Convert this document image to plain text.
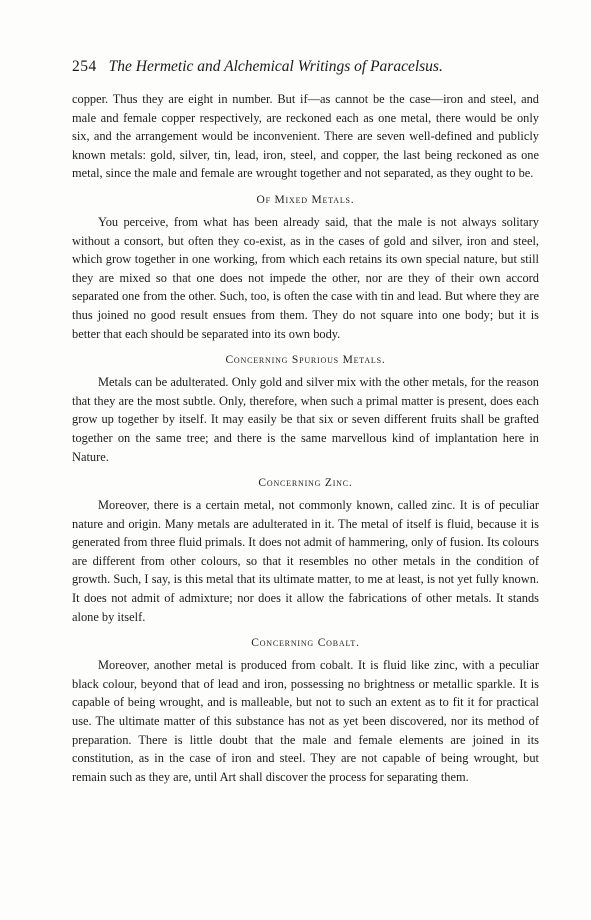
254 The Hermetic and Alchemical Writings of Paracelsus.

copper. Thus they are eight in number. But if—as cannot be the case—iron and steel, and male and female copper respectively, are reckoned each as one metal, there would be only six, and the arrangement would be inconvenient. There are seven well-defined and publicly known metals: gold, silver, tin, lead, iron, steel, and copper, the last being reckoned as one metal, since the male and female are wrought together and not separated, as they ought to be.

Of Mixed Metals.

You perceive, from what has been already said, that the male is not always solitary without a consort, but often they co-exist, as in the cases of gold and silver, iron and steel, which grow together in one working, from which each retains its own special nature, but still they are mixed so that one does not impede the other, nor are they of their own accord separated one from the other. Such, too, is often the case with tin and lead. But where they are thus joined no good result ensues from them. They do not square into one body; but it is better that each should be separated into its own body.

Concerning Spurious Metals.

Metals can be adulterated. Only gold and silver mix with the other metals, for the reason that they are the most subtle. Only, therefore, when such a primal matter is present, does each grow up together by itself. It may easily be that six or seven different fruits shall be grafted together on the same tree; and there is the same marvellous kind of implantation here in Nature.

Concerning Zinc.

Moreover, there is a certain metal, not commonly known, called zinc. It is of peculiar nature and origin. Many metals are adulterated in it. The metal of itself is fluid, because it is generated from three fluid primals. It does not admit of hammering, only of fusion. Its colours are different from other colours, so that it resembles no other metals in the condition of growth. Such, I say, is this metal that its ultimate matter, to me at least, is not yet fully known. It does not admit of admixture; nor does it allow the fabrications of other metals. It stands alone by itself.

Concerning Cobalt.

Moreover, another metal is produced from cobalt. It is fluid like zinc, with a peculiar black colour, beyond that of lead and iron, possessing no brightness or metallic sparkle. It is capable of being wrought, and is malleable, but not to such an extent as to fit it for practical use. The ultimate matter of this substance has not as yet been discovered, nor its method of preparation. There is little doubt that the male and female elements are joined in its constitution, as in the case of iron and steel. They are not capable of being wrought, but remain such as they are, until Art shall discover the process for separating them.
